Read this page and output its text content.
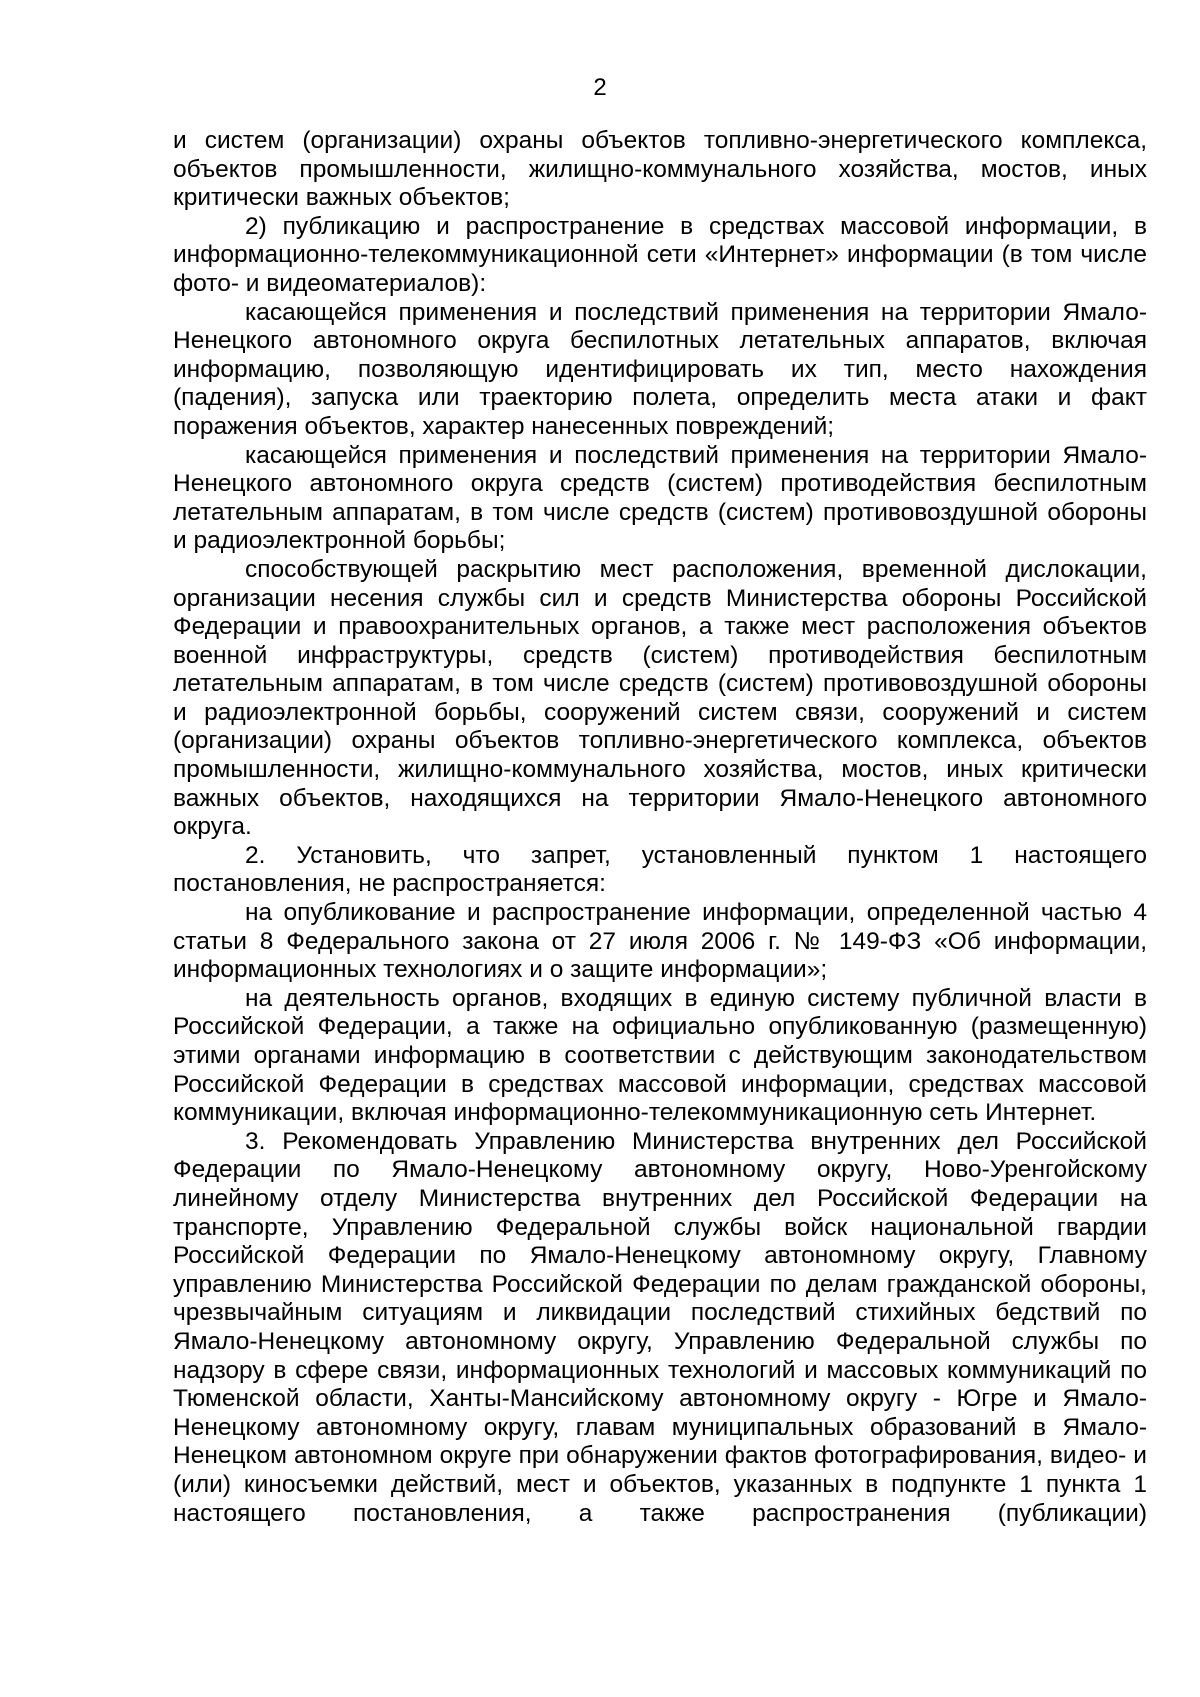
2

и систем (организации) охраны объектов топливно-энергетического комплекса, объектов промышленности, жилищно-коммунального хозяйства, мостов, иных критически важных объектов;

2) публикацию и распространение в средствах массовой информации, в информационно-телекоммуникационной сети «Интернет» информации (в том числе фото- и видеоматериалов):

касающейся применения и последствий применения на территории Ямало-Ненецкого автономного округа беспилотных летательных аппаратов, включая информацию, позволяющую идентифицировать их тип, место нахождения (падения), запуска или траекторию полета, определить места атаки и факт поражения объектов, характер нанесенных повреждений;

касающейся применения и последствий применения на территории Ямало-Ненецкого автономного округа средств (систем) противодействия беспилотным летательным аппаратам, в том числе средств (систем) противовоздушной обороны и радиоэлектронной борьбы;

способствующей раскрытию мест расположения, временной дислокации, организации несения службы сил и средств Министерства обороны Российской Федерации и правоохранительных органов, а также мест расположения объектов военной инфраструктуры, средств (систем) противодействия беспилотным летательным аппаратам, в том числе средств (систем) противовоздушной обороны и радиоэлектронной борьбы, сооружений систем связи, сооружений и систем (организации) охраны объектов топливно-энергетического комплекса, объектов промышленности, жилищно-коммунального хозяйства, мостов, иных критически важных объектов, находящихся на территории Ямало-Ненецкого автономного округа.

2. Установить, что запрет, установленный пунктом 1 настоящего постановления, не распространяется:

на опубликование и распространение информации, определенной частью 4 статьи 8 Федерального закона от 27 июля 2006 г. № 149-ФЗ «Об информации, информационных технологиях и о защите информации»;

на деятельность органов, входящих в единую систему публичной власти в Российской Федерации, а также на официально опубликованную (размещенную) этими органами информацию в соответствии с действующим законодательством Российской Федерации в средствах массовой информации, средствах массовой коммуникации, включая информационно-телекоммуникационную сеть Интернет.

3. Рекомендовать Управлению Министерства внутренних дел Российской Федерации по Ямало-Ненецкому автономному округу, Ново-Уренгойскому линейному отделу Министерства внутренних дел Российской Федерации на транспорте, Управлению Федеральной службы войск национальной гвардии Российской Федерации по Ямало-Ненецкому автономному округу, Главному управлению Министерства Российской Федерации по делам гражданской обороны, чрезвычайным ситуациям и ликвидации последствий стихийных бедствий по Ямало-Ненецкому автономному округу, Управлению Федеральной службы по надзору в сфере связи, информационных технологий и массовых коммуникаций по Тюменской области, Ханты-Мансийскому автономному округу - Югре и Ямало-Ненецкому автономному округу, главам муниципальных образований в Ямало-Ненецком автономном округе при обнаружении фактов фотографирования, видео- и (или) киносъемки действий, мест и объектов, указанных в подпункте 1 пункта 1 настоящего постановления, а также распространения (публикации)
